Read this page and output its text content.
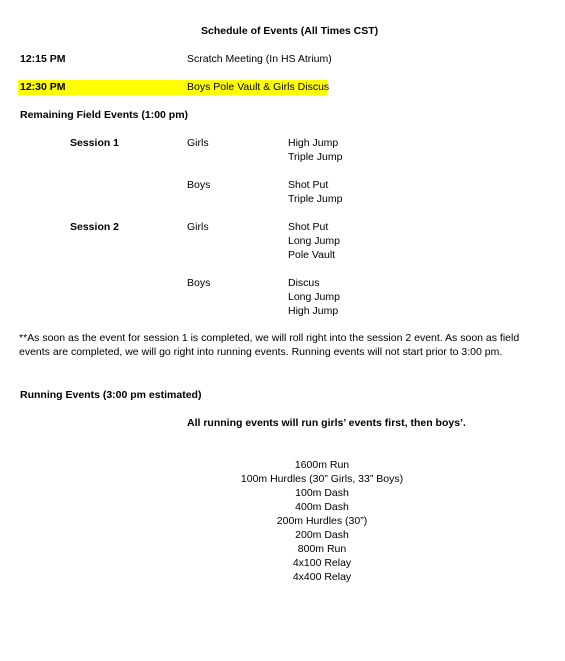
Schedule of Events (All Times CST)
12:15 PM	Scratch Meeting (In HS Atrium)
12:30 PM	Boys Pole Vault & Girls Discus
Remaining Field Events (1:00 pm)
Session 1	Girls	High Jump
Triple Jump
Boys	Shot Put
Triple Jump
Session 2	Girls	Shot Put
Long Jump
Pole Vault
Boys	Discus
Long Jump
High Jump
**As soon as the event for session 1 is completed, we will roll right into the session 2 event. As soon as field events are completed, we will go right into running events. Running events will not start prior to 3:00 pm.
Running Events (3:00 pm estimated)
All running events will run girls’ events first, then boys’.
1600m Run
100m Hurdles (30” Girls, 33” Boys)
100m Dash
400m Dash
200m Hurdles (30”)
200m Dash
800m Run
4x100 Relay
4x400 Relay
